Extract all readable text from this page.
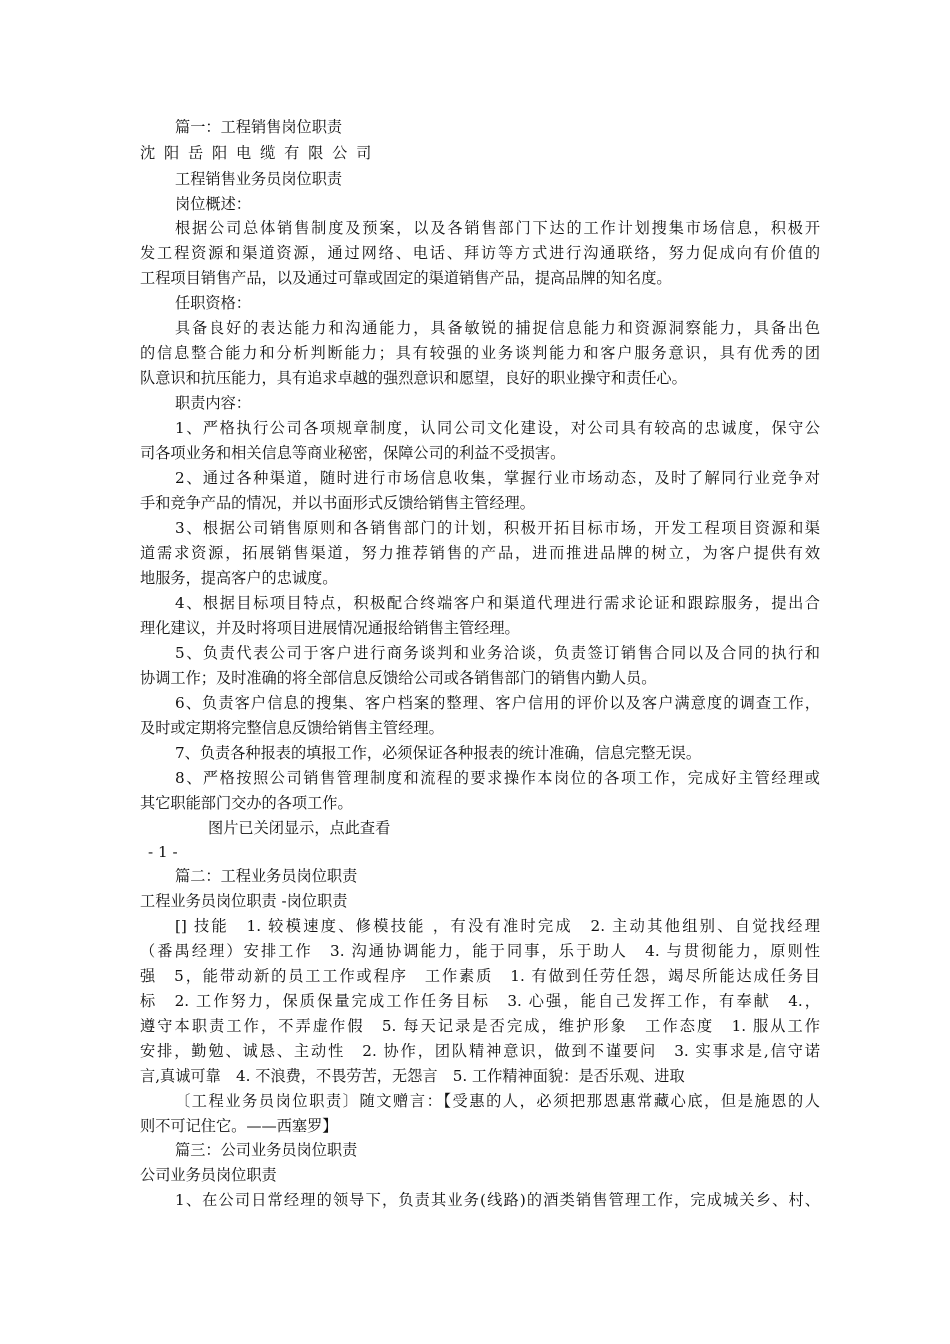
篇一：工程销售岗位职责
沈 阳 岳 阳 电 缆 有 限 公 司
工程销售业务员岗位职责
岗位概述：
根据公司总体销售制度及预案，以及各销售部门下达的工作计划搜集市场信息，积极开
发工程资源和渠道资源，通过网络、电话、拜访等方式进行沟通联络，努力促成向有价值的
工程项目销售产品，以及通过可靠或固定的渠道销售产品，提高品牌的知名度。
任职资格：
具备良好的表达能力和沟通能力，具备敏锐的捕捉信息能力和资源洞察能力，具备出色
的信息整合能力和分析判断能力；具有较强的业务谈判能力和客户服务意识，具有优秀的团
队意识和抗压能力，具有追求卓越的强烈意识和愿望，良好的职业操守和责任心。
职责内容：
1、严格执行公司各项规章制度，认同公司文化建设，对公司具有较高的忠诚度，保守公
司各项业务和相关信息等商业秘密，保障公司的利益不受损害。
2、通过各种渠道，随时进行市场信息收集，掌握行业市场动态，及时了解同行业竞争对
手和竞争产品的情况，并以书面形式反馈给销售主管经理。
3、根据公司销售原则和各销售部门的计划，积极开拓目标市场，开发工程项目资源和渠
道需求资源，拓展销售渠道，努力推荐销售的产品，进而推进品牌的树立，为客户提供有效
地服务，提高客户的忠诚度。
4、根据目标项目特点，积极配合终端客户和渠道代理进行需求论证和跟踪服务，提出合
理化建议，并及时将项目进展情况通报给销售主管经理。
5、负责代表公司于客户进行商务谈判和业务洽谈，负责签订销售合同以及合同的执行和
协调工作；及时准确的将全部信息反馈给公司或各销售部门的销售内勤人员。
6、负责客户信息的搜集、客户档案的整理、客户信用的评价以及客户满意度的调查工作，
及时或定期将完整信息反馈给销售主管经理。
7、负责各种报表的填报工作，必须保证各种报表的统计准确，信息完整无误。
8、严格按照公司销售管理制度和流程的要求操作本岗位的各项工作，完成好主管经理或
其它职能部门交办的各项工作。
图片已关闭显示，点此查看
- 1 -
篇二：工程业务员岗位职责
工程业务员岗位职责 -岗位职责
[] 技能　1. 较模速度、修模技能 ，有没有准时完成　2. 主动其他组别、自觉找经理
（番禺经理）安排工作　3. 沟通协调能力，能于同事，乐于助人　4. 与贯彻能力，原则性
强　5，能带动新的员工工作或程序　工作素质　1. 有做到任劳任怨，竭尽所能达成任务目
标　2. 工作努力，保质保量完成工作任务目标　3. 心强，能自己发挥工作，有奉献　4.，
遵守本职责工作，不弄虚作假　5. 每天记录是否完成，维护形象　工作态度　1. 服从工作
安排，勤勉、诚恳、主动性　2. 协作，团队精神意识，做到不谨要问　3. 实事求是,信守诺
言,真诚可靠　4. 不浪费，不畏劳苦，无怨言　5. 工作精神面貌：是否乐观、进取
〔工程业务员岗位职责〕随文赠言：【受惠的人，必须把那恩惠常藏心底，但是施恩的人
则不可记住它。——西塞罗】
篇三：公司业务员岗位职责
公司业务员岗位职责
1、在公司日常经理的领导下，负责其业务(线路)的酒类销售管理工作，完成城关乡、村、
